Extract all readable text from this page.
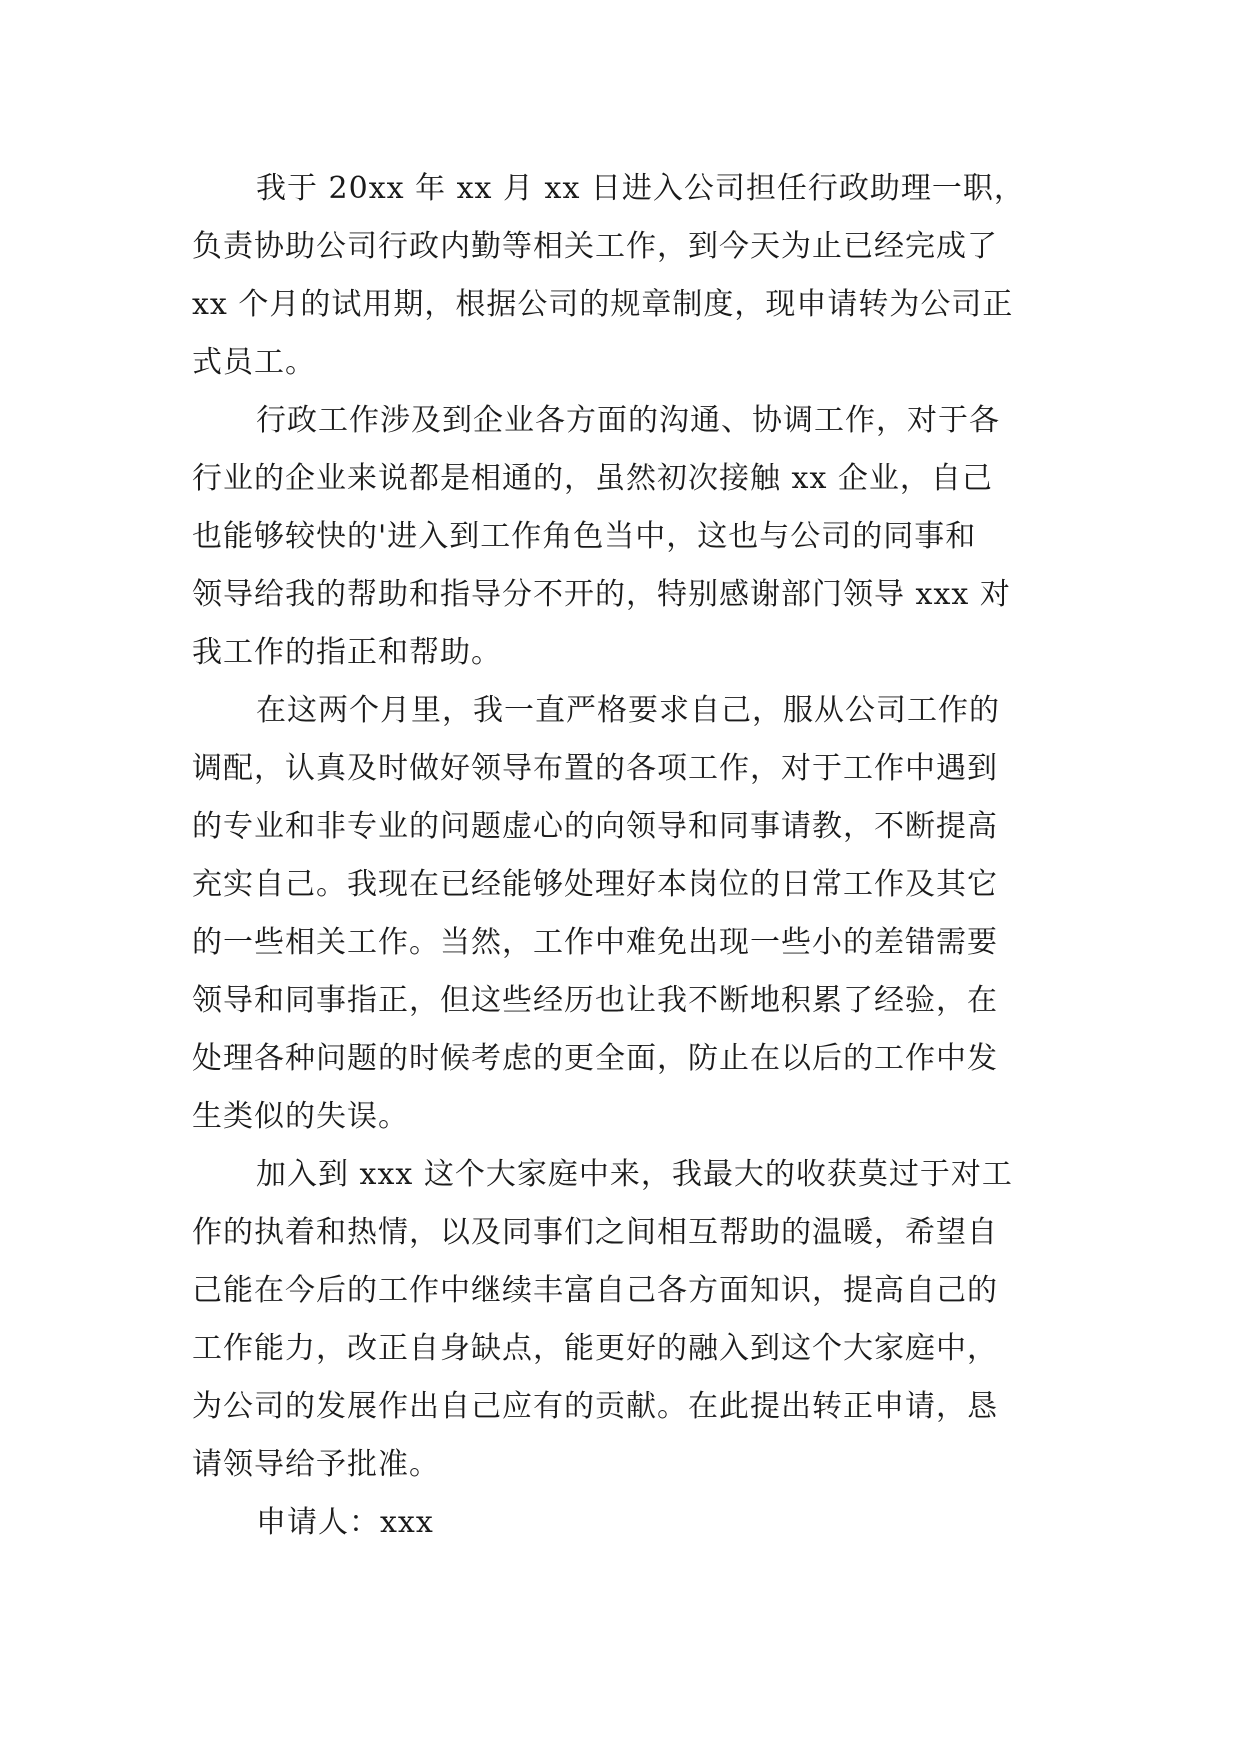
我于 20xx 年 xx 月 xx 日进入公司担任行政助理一职，
负责协助公司行政内勤等相关工作，到今天为止已经完成了
xx 个月的试用期，根据公司的规章制度，现申请转为公司正
式员工。

行政工作涉及到企业各方面的沟通、协调工作，对于各
行业的企业来说都是相通的，虽然初次接触 xx 企业，自己
也能够较快的'进入到工作角色当中，这也与公司的同事和
领导给我的帮助和指导分不开的，特别感谢部门领导 xxx 对
我工作的指正和帮助。

在这两个月里，我一直严格要求自己，服从公司工作的
调配，认真及时做好领导布置的各项工作，对于工作中遇到
的专业和非专业的问题虚心的向领导和同事请教，不断提高
充实自己。我现在已经能够处理好本岗位的日常工作及其它
的一些相关工作。当然，工作中难免出现一些小的差错需要
领导和同事指正，但这些经历也让我不断地积累了经验，在
处理各种问题的时候考虑的更全面，防止在以后的工作中发
生类似的失误。

加入到 xxx 这个大家庭中来，我最大的收获莫过于对工
作的执着和热情，以及同事们之间相互帮助的温暖，希望自
己能在今后的工作中继续丰富自己各方面知识，提高自己的
工作能力，改正自身缺点，能更好的融入到这个大家庭中，
为公司的发展作出自己应有的贡献。在此提出转正申请，恳
请领导给予批准。

申请人：xxx
